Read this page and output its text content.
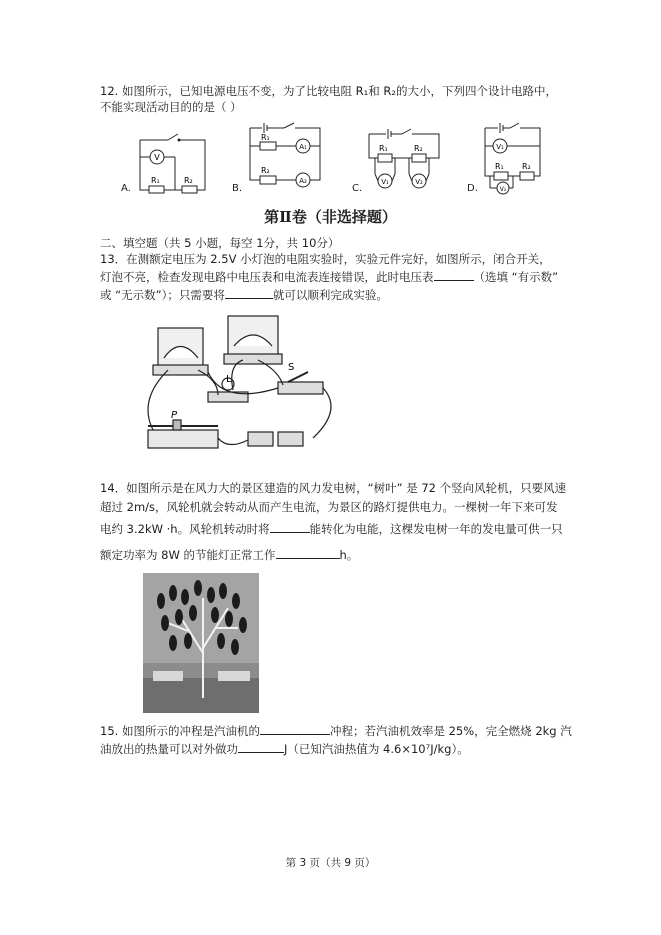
12. 如图所示，已知电源电压不变，为了比较电阻 R₁和 R₂的大小，下列四个设计电路中，
不能实现活动目的的是（ ）
V
R₁	R₂
A.
R₁
R₂
A₁
A₂
B.
R₁	R₂
V₁	V₂
C.
V₁
R₁ R₂
V₂
D.
第Ⅱ卷（非选择题）
二、填空题（共 5 小题，每空 1分，共 10分）
13．在测额定电压为 2.5V 小灯泡的电阻实验时，实验元件完好，如图所示，闭合开关，
灯泡不亮，检查发现电路中电压表和电流表连接错误，此时电压表	（选填 “有示数”
或 “无示数”）；只需要将	就可以顺利完成实验。
L
S
P
14．如图所示是在风力大的景区建造的风力发电树，“树叶” 是 72 个竖向风轮机，只要风速
超过 2m/s，风轮机就会转动从而产生电流，为景区的路灯提供电力。一棵树一年下来可发
电约 3.2kW ·h。风轮机转动时将	能转化为电能，这棵发电树一年的发电量可供一只
额定功率为 8W 的节能灯正常工作	h。
15. 如图所示的冲程是汽油机的	冲程；若汽油机效率是 25%，完全燃烧 2kg 汽
油放出的热量可以对外做功	J（已知汽油热值为 4.6×10⁷J/kg）。
第 3 页（共 9 页）
